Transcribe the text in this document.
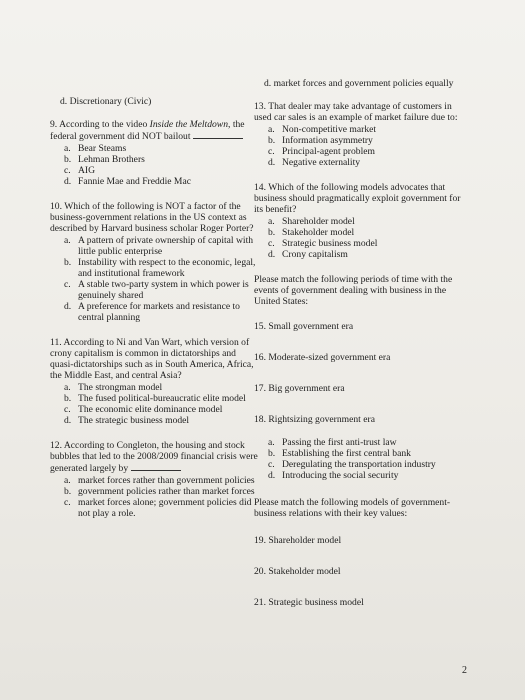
d. Discretionary (Civic)
9. According to the video Inside the Meltdown, the federal government did NOT bailout
a. Bear Steams
b. Lehman Brothers
c. AIG
d. Fannie Mae and Freddie Mac
10. Which of the following is NOT a factor of the business-government relations in the US context as described by Harvard business scholar Roger Porter?
a. A pattern of private ownership of capital with little public enterprise
b. Instability with respect to the economic, legal, and institutional framework
c. A stable two-party system in which power is genuinely shared
d. A preference for markets and resistance to central planning
11. According to Ni and Van Wart, which version of crony capitalism is common in dictatorships and quasi-dictatorships such as in South America, Africa, the Middle East, and central Asia?
a. The strongman model
b. The fused political-bureaucratic elite model
c. The economic elite dominance model
d. The strategic business model
12. According to Congleton, the housing and stock bubbles that led to the 2008/2009 financial crisis were generated largely by
a. market forces rather than government policies
b. government policies rather than market forces
c. market forces alone; government policies did not play a role.
d. market forces and government policies equally
13. That dealer may take advantage of customers in used car sales is an example of market failure due to:
a. Non-competitive market
b. Information asymmetry
c. Principal-agent problem
d. Negative externality
14. Which of the following models advocates that business should pragmatically exploit government for its benefit?
a. Shareholder model
b. Stakeholder model
c. Strategic business model
d. Crony capitalism
Please match the following periods of time with the events of government dealing with business in the United States:
15. Small government era
16. Moderate-sized government era
17. Big government era
18. Rightsizing government era
a. Passing the first anti-trust law
b. Establishing the first central bank
c. Deregulating the transportation industry
d. Introducing the social security
Please match the following models of government-business relations with their key values:
19. Shareholder model
20. Stakeholder model
21. Strategic business model
2
